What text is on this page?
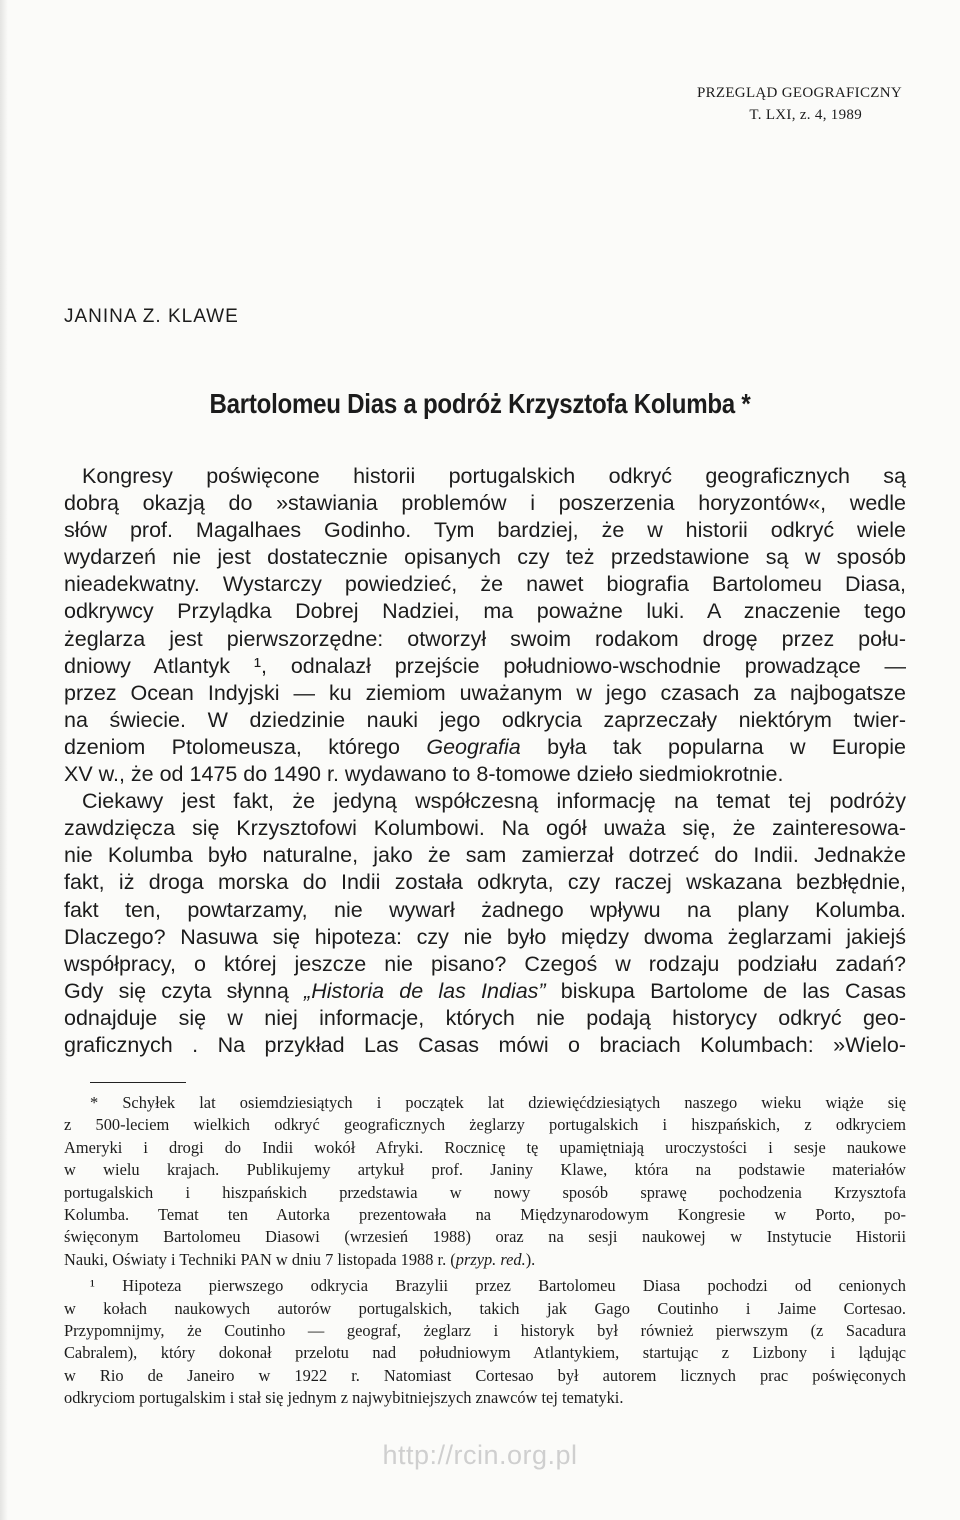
PRZEGLĄD GEOGRAFICZNY
T. LXI, z. 4, 1989
JANINA Z. KLAWE
Bartolomeu Dias a podróż Krzysztofa Kolumba *
Kongresy poświęcone historii portugalskich odkryć geograficznych są
dobrą okazją do »stawiania problemów i poszerzenia horyzontów«, wedle
słów prof. Magalhaes Godinho. Tym bardziej, że w historii odkryć wiele
wydarzeń nie jest dostatecznie opisanych czy też przedstawione są w sposób
nieadekwatny. Wystarczy powiedzieć, że nawet biografia Bartolomeu Diasa,
odkrywcy Przylądka Dobrej Nadziei, ma poważne luki. A znaczenie tego
żeglarza jest pierwszorzędne: otworzył swoim rodakom drogę przez połu-
dniowy Atlantyk ¹, odnalazł przejście południowo-wschodnie prowadzące —
przez Ocean Indyjski — ku ziemiom uważanym w jego czasach za najbogatsze
na świecie. W dziedzinie nauki jego odkrycia zaprzeczały niektórym twier-
dzeniom Ptolomeusza, którego Geografia była tak popularna w Europie
XV w., że od 1475 do 1490 r. wydawano to 8-tomowe dzieło siedmiokrotnie.
Ciekawy jest fakt, że jedyną współczesną informację na temat tej podróży
zawdzięcza się Krzysztofowi Kolumbowi. Na ogół uważa się, że zainteresowa-
nie Kolumba było naturalne, jako że sam zamierzał dotrzeć do Indii. Jednakże
fakt, iż droga morska do Indii została odkryta, czy raczej wskazana bezbłędnie,
fakt ten, powtarzamy, nie wywarł żadnego wpływu na plany Kolumba.
Dlaczego? Nasuwa się hipoteza: czy nie było między dwoma żeglarzami jakiejś
współpracy, o której jeszcze nie pisano? Czegoś w rodzaju podziału zadań?
Gdy się czyta słynną „Historia de las Indias” biskupa Bartolome de las Casas
odnajduje się w niej informacje, których nie podają historycy odkryć geo-
graficznych . Na przykład Las Casas mówi o braciach Kolumbach: »Wielo-
* Schyłek lat osiemdziesiątych i początek lat dziewięćdziesiątych naszego wieku wiąże się
z 500-leciem wielkich odkryć geograficznych żeglarzy portugalskich i hiszpańskich, z odkryciem
Ameryki i drogi do Indii wokół Afryki. Rocznicę tę upamiętniają uroczystości i sesje naukowe
w wielu krajach. Publikujemy artykuł prof. Janiny Klawe, która na podstawie materiałów
portugalskich i hiszpańskich przedstawia w nowy sposób sprawę pochodzenia Krzysztofa
Kolumba. Temat ten Autorka prezentowała na Międzynarodowym Kongresie w Porto, po-
święconym Bartolomeu Diasowi (wrzesień 1988) oraz na sesji naukowej w Instytucie Historii
Nauki, Oświaty i Techniki PAN w dniu 7 listopada 1988 r. (przyp. red.).
¹ Hipoteza pierwszego odkrycia Brazylii przez Bartolomeu Diasa pochodzi od cenionych
w kołach naukowych autorów portugalskich, takich jak Gago Coutinho i Jaime Cortesao.
Przypomnijmy, że Coutinho — geograf, żeglarz i historyk był również pierwszym (z Sacadura
Cabralem), który dokonał przelotu nad południowym Atlantykiem, startując z Lizbony i lądując
w Rio de Janeiro w 1922 r. Natomiast Cortesao był autorem licznych prac poświęconych
odkryciom portugalskim i stał się jednym z najwybitniejszych znawców tej tematyki.
http://rcin.org.pl
